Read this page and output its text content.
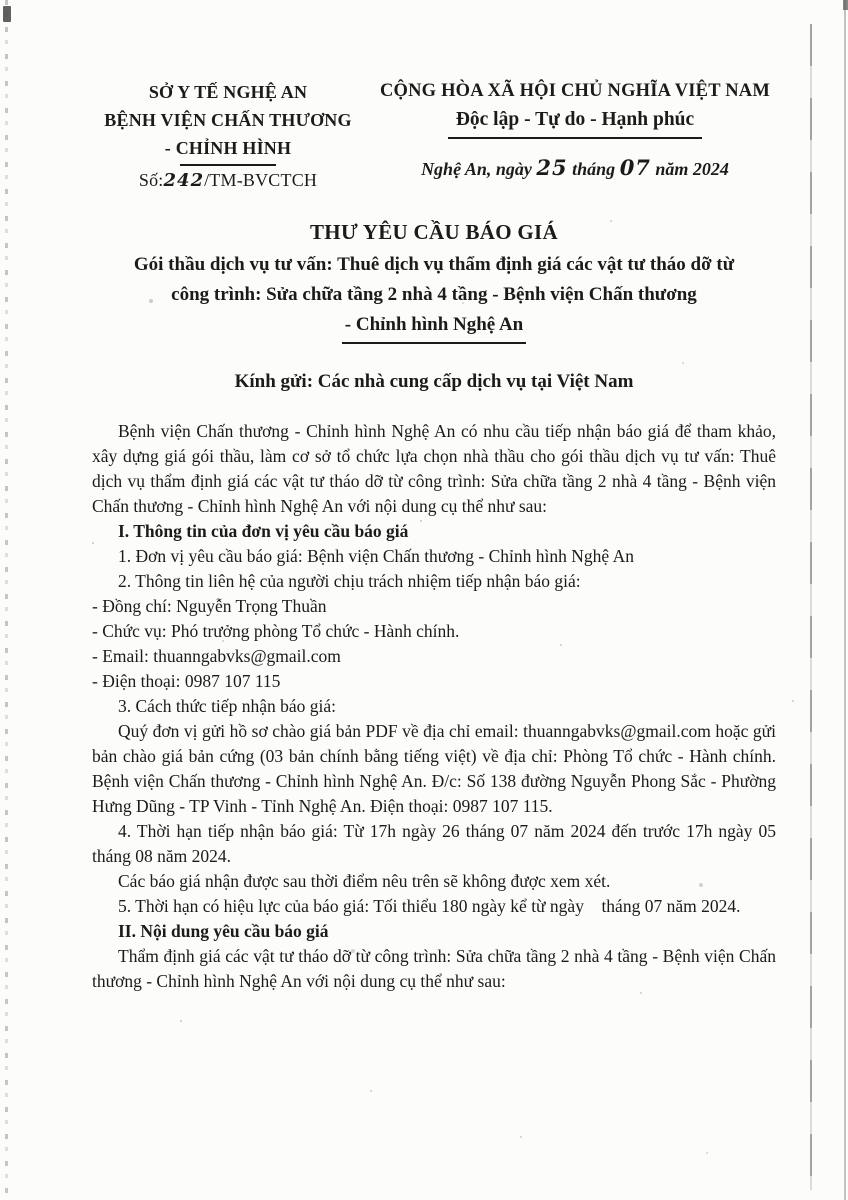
SỞ Y TẾ NGHỆ AN
BỆNH VIỆN CHẤN THƯƠNG
- CHỈNH HÌNH
Số:242/TM-BVCTCH
CỘNG HÒA XÃ HỘI CHỦ NGHĨA VIỆT NAM
Độc lập - Tự do - Hạnh phúc
Nghệ An, ngày 25 tháng 07 năm 2024
THƯ YÊU CẦU BÁO GIÁ
Gói thầu dịch vụ tư vấn: Thuê dịch vụ thẩm định giá các vật tư tháo dỡ từ
công trình: Sửa chữa tầng 2 nhà 4 tầng - Bệnh viện Chấn thương
- Chỉnh hình Nghệ An
Kính gửi: Các nhà cung cấp dịch vụ tại Việt Nam

Bệnh viện Chấn thương - Chỉnh hình Nghệ An có nhu cầu tiếp nhận báo giá để tham khảo, xây dựng giá gói thầu, làm cơ sở tổ chức lựa chọn nhà thầu cho gói thầu dịch vụ tư vấn: Thuê dịch vụ thẩm định giá các vật tư tháo dỡ từ công trình: Sửa chữa tầng 2 nhà 4 tầng - Bệnh viện Chấn thương - Chỉnh hình Nghệ An với nội dung cụ thể như sau:

I. Thông tin của đơn vị yêu cầu báo giá

1. Đơn vị yêu cầu báo giá: Bệnh viện Chấn thương - Chỉnh hình Nghệ An

2. Thông tin liên hệ của người chịu trách nhiệm tiếp nhận báo giá:

- Đồng chí: Nguyễn Trọng Thuần

- Chức vụ: Phó trưởng phòng Tổ chức - Hành chính.

- Email: thuanngabvks@gmail.com

- Điện thoại: 0987 107 115

3. Cách thức tiếp nhận báo giá:

Quý đơn vị gửi hồ sơ chào giá bản PDF về địa chỉ email: thuanngabvks@gmail.com hoặc gửi bản chào giá bản cứng (03 bản chính bằng tiếng việt) về địa chỉ: Phòng Tổ chức - Hành chính. Bệnh viện Chấn thương - Chỉnh hình Nghệ An. Đ/c: Số 138 đường Nguyễn Phong Sắc - Phường Hưng Dũng - TP Vinh - Tỉnh Nghệ An. Điện thoại: 0987 107 115.

4. Thời hạn tiếp nhận báo giá: Từ 17h ngày 26 tháng 07 năm 2024 đến trước 17h ngày 05 tháng 08 năm 2024.

Các báo giá nhận được sau thời điểm nêu trên sẽ không được xem xét.

5. Thời hạn có hiệu lực của báo giá: Tối thiểu 180 ngày kể từ ngày    tháng 07 năm 2024.

II. Nội dung yêu cầu báo giá

Thẩm định giá các vật tư tháo dỡ từ công trình: Sửa chữa tầng 2 nhà 4 tầng - Bệnh viện Chấn thương - Chỉnh hình Nghệ An với nội dung cụ thể như sau:
